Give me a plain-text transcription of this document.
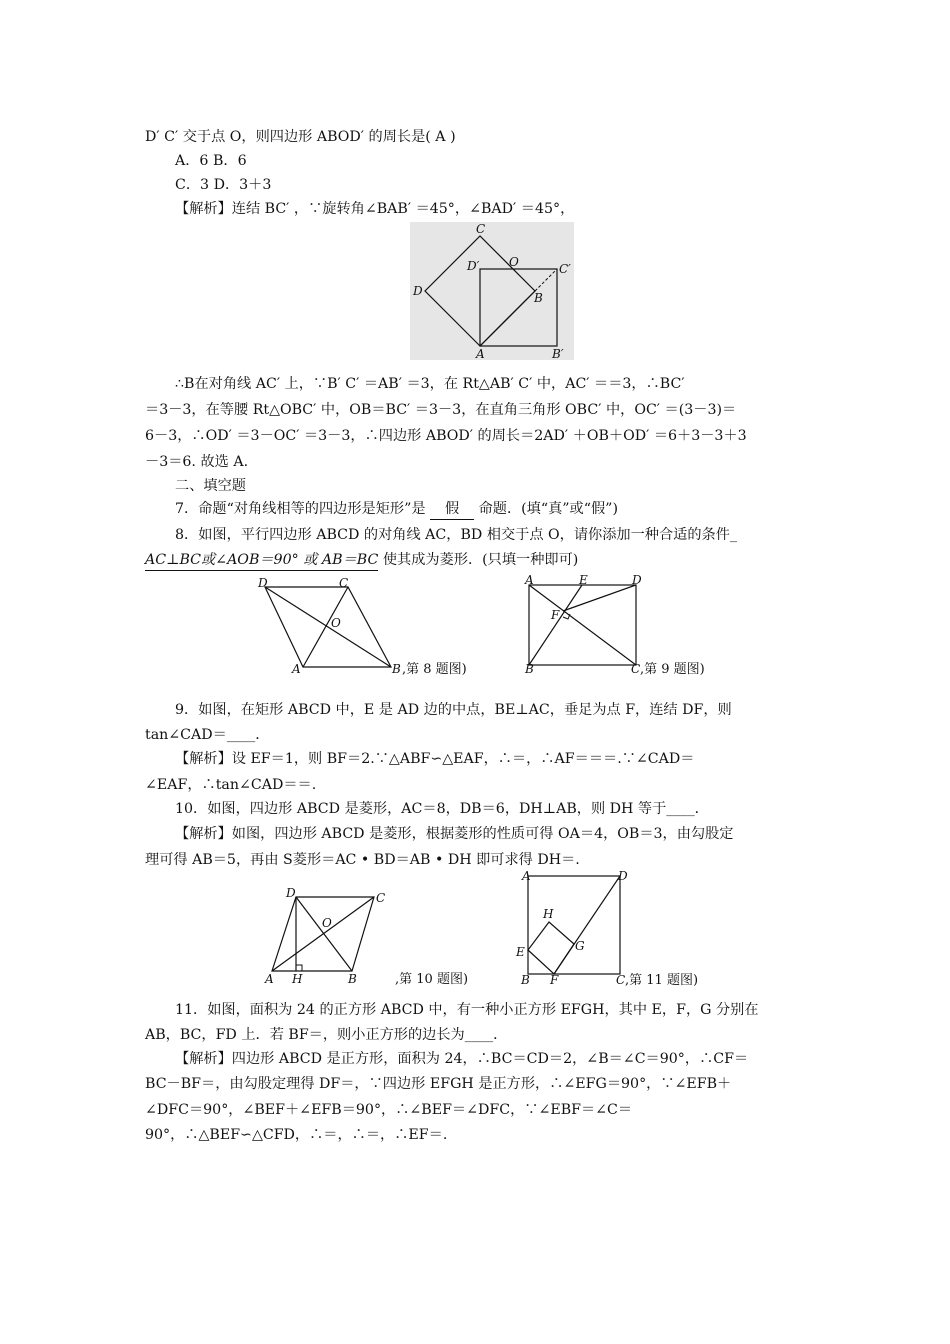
D′ C′ 交于点 O，则四边形 ABOD′ 的周长是( A )
A．6 B．6
C．3 D．3＋3
【解析】连结 BC′ ，∵旋转角∠BAB′ ＝45°，∠BAD′ ＝45°，
C
D′ O	C′
D	B
A	B′
∴B在对角线 AC′ 上，∵B′ C′ ＝AB′ ＝3，在 Rt△AB′ C′ 中，AC′ ＝＝3，∴BC′
＝3－3，在等腰 Rt△OBC′ 中，OB＝BC′ ＝3－3，在直角三角形 OBC′ 中，OC′ ＝(3－3)＝
6－3，∴OD′ ＝3－OC′ ＝3－3，∴四边形 ABOD′ 的周长＝2AD′ ＋OB＋OD′ ＝6＋3－3＋3
－3＝6. 故选 A.
二、填空题
7．命题“对角线相等的四边形是矩形”是 假 命题．(填“真”或“假”)
8．如图，平行四边形 ABCD 的对角线 AC，BD 相交于点 O，请你添加一种合适的条件_
AC⊥BC或∠AOB＝90° 或 AB＝BC 使其成为菱形．(只填一种即可)
D	C
O
A	B ,第 8 题图)
A	E	D
F
B	C ,第 9 题图)
9．如图，在矩形 ABCD 中，E 是 AD 边的中点，BE⊥AC，垂足为点 F，连结 DF，则
tan∠CAD＝____．
【解析】设 EF＝1，则 BF＝2.∵△ABF∽△EAF，∴＝，∴AF＝＝＝.∵∠CAD＝
∠EAF，∴tan∠CAD＝＝.
10．如图，四边形 ABCD 是菱形，AC＝8，DB＝6，DH⊥AB，则 DH 等于____．
【解析】如图，四边形 ABCD 是菱形，根据菱形的性质可得 OA＝4，OB＝3，由勾股定
理可得 AB＝5，再由 S菱形＝AC • BD＝AB • DH 即可求得 DH＝.
D	C
O
A H	B	,第 10 题图)
A	D
H
G
E
B F	C ,第 11 题图)
11．如图，面积为 24 的正方形 ABCD 中，有一种小正方形 EFGH，其中 E，F，G 分别在
AB，BC，FD 上．若 BF＝，则小正方形的边长为____．
【解析】四边形 ABCD 是正方形，面积为 24，∴BC＝CD＝2，∠B＝∠C＝90°，∴CF＝
BC－BF＝，由勾股定理得 DF＝，∵四边形 EFGH 是正方形，∴∠EFG＝90°，∵∠EFB＋
∠DFC＝90°，∠BEF＋∠EFB＝90°，∴∠BEF＝∠DFC，∵∠EBF＝∠C＝
90°，∴△BEF∽△CFD，∴＝，∴＝，∴EF＝.
